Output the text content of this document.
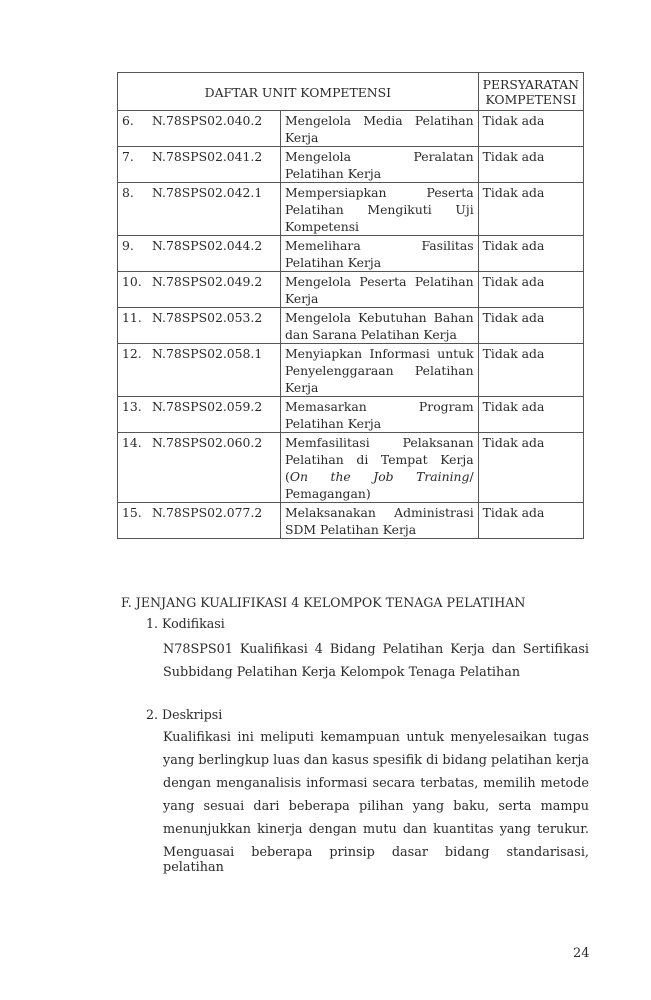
DAFTAR UNIT KOMPETENSI			PERSYARATAN KOMPETENSI
6.	N.78SPS02.040.2	Mengelola Media Pelatihan Kerja	Tidak ada
7.	N.78SPS02.041.2	Mengelola Peralatan Pelatihan Kerja	Tidak ada
8.	N.78SPS02.042.1	Mempersiapkan Peserta Pelatihan Mengikuti Uji Kompetensi	Tidak ada
9.	N.78SPS02.044.2	Memelihara Fasilitas Pelatihan Kerja	Tidak ada
10.	N.78SPS02.049.2	Mengelola Peserta Pelatihan Kerja	Tidak ada
11.	N.78SPS02.053.2	Mengelola Kebutuhan Bahan dan Sarana Pelatihan Kerja	Tidak ada
12.	N.78SPS02.058.1	Menyiapkan Informasi untuk Penyelenggaraan Pelatihan Kerja	Tidak ada
13.	N.78SPS02.059.2	Memasarkan Program Pelatihan Kerja	Tidak ada
14.	N.78SPS02.060.2	Memfasilitasi Pelaksanan Pelatihan di Tempat Kerja (On the Job Training/ Pemagangan)	Tidak ada
15.	N.78SPS02.077.2	Melaksanakan Administrasi SDM Pelatihan Kerja	Tidak ada
F. JENJANG KUALIFIKASI 4 KELOMPOK TENAGA PELATIHAN
1. Kodifikasi
N78SPS01 Kualifikasi 4 Bidang Pelatihan Kerja dan Sertifikasi
Subbidang Pelatihan Kerja Kelompok Tenaga Pelatihan
2. Deskripsi
Kualifikasi ini meliputi kemampuan untuk menyelesaikan tugas
yang berlingkup luas dan kasus spesifik di bidang pelatihan kerja
dengan menganalisis informasi secara terbatas, memilih metode
yang sesuai dari beberapa pilihan yang baku, serta mampu
menunjukkan kinerja dengan mutu dan kuantitas yang terukur.
Menguasai beberapa prinsip dasar bidang standarisasi, pelatihan
24
